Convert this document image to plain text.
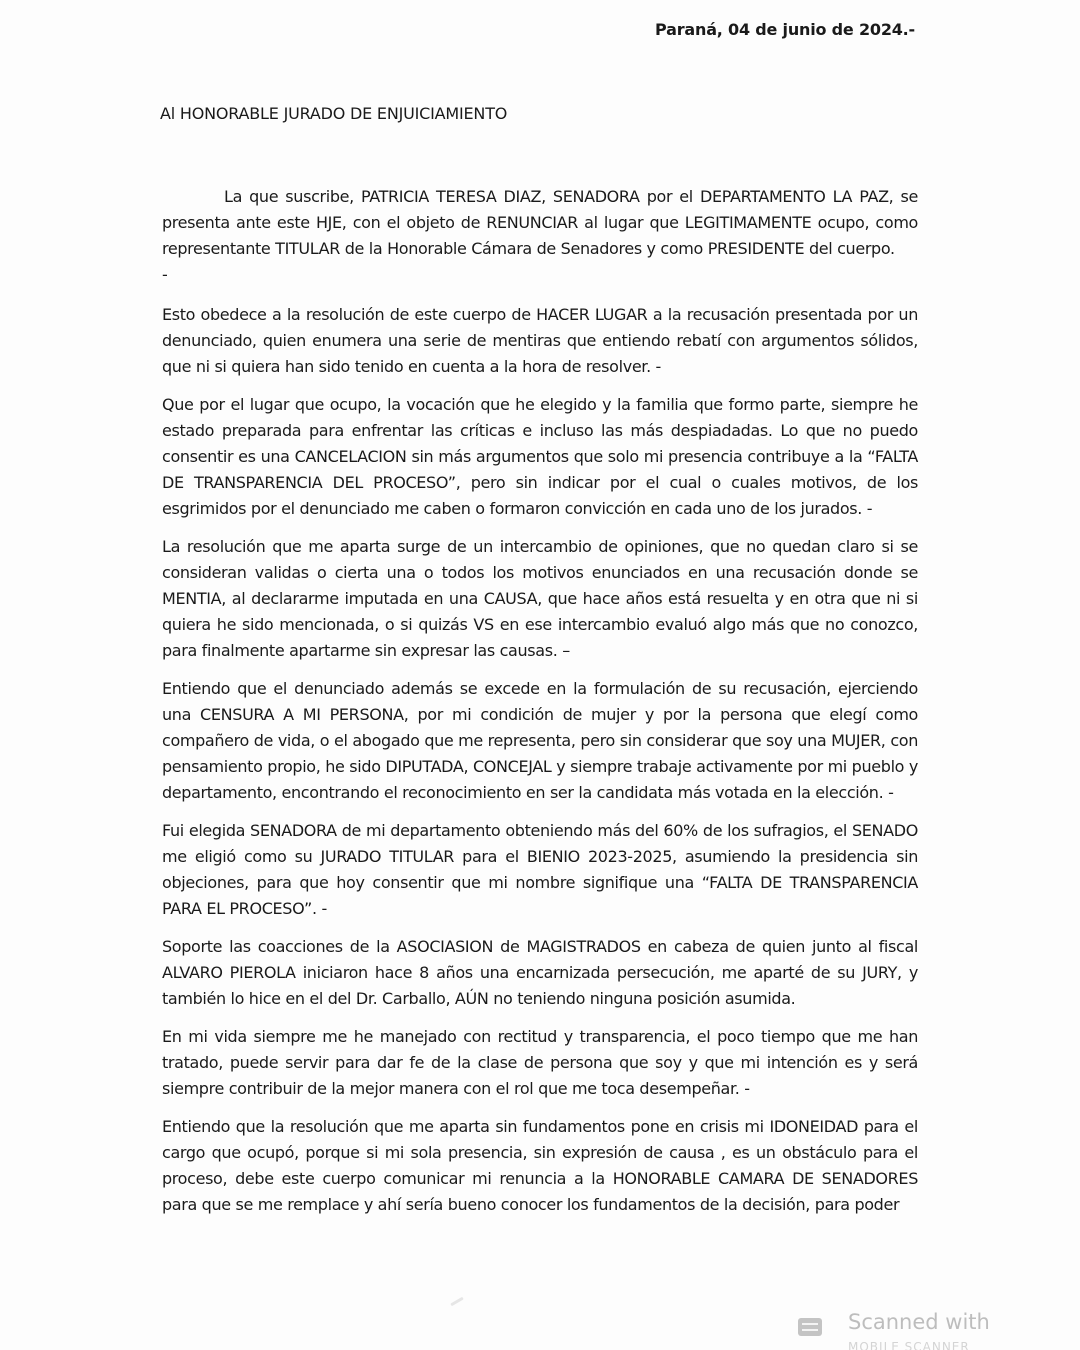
Paraná, 04 de junio de 2024.-
Al HONORABLE JURADO DE ENJUICIAMIENTO

La que suscribe, PATRICIA TERESA DIAZ, SENADORA por el DEPARTAMENTO LA PAZ, se presenta ante este HJE, con el objeto de RENUNCIAR al lugar que LEGITIMAMENTE ocupo, como representante TITULAR de la Honorable Cámara de Senadores y como PRESIDENTE del cuerpo.

-

Esto obedece a la resolución de este cuerpo de HACER LUGAR a la recusación presentada por un denunciado, quien enumera una serie de mentiras que entiendo rebatí con argumentos sólidos, que ni si quiera han sido tenido en cuenta a la hora de resolver. -

Que por el lugar que ocupo, la vocación que he elegido y la familia que formo parte, siempre he estado preparada para enfrentar las críticas e incluso las más despiadadas. Lo que no puedo consentir es una CANCELACION sin más argumentos que solo mi presencia contribuye a la “FALTA DE TRANSPARENCIA DEL PROCESO”, pero sin indicar por el cual o cuales motivos, de los esgrimidos por el denunciado me caben o formaron convicción en cada uno de los jurados. -

La resolución que me aparta surge de un intercambio de opiniones, que no quedan claro si se consideran validas o cierta una o todos los motivos enunciados en una recusación donde se MENTIA, al declararme imputada en una CAUSA, que hace años está resuelta y en otra que ni si quiera he sido mencionada, o si quizás VS en ese intercambio evaluó algo más que no conozco, para finalmente apartarme sin expresar las causas. –

Entiendo que el denunciado además se excede en la formulación de su recusación, ejerciendo una CENSURA A MI PERSONA, por mi condición de mujer y por la persona que elegí como compañero de vida, o el abogado que me representa, pero sin considerar que soy una MUJER, con pensamiento propio, he sido DIPUTADA, CONCEJAL y siempre trabaje activamente por mi pueblo y departamento, encontrando el reconocimiento en ser la candidata más votada en la elección. -

Fui elegida SENADORA de mi departamento obteniendo más del 60% de los sufragios, el SENADO me eligió como su JURADO TITULAR para el BIENIO 2023-2025, asumiendo la presidencia sin objeciones, para que hoy consentir que mi nombre signifique una “FALTA DE TRANSPARENCIA PARA EL PROCESO”. -

Soporte las coacciones de la ASOCIASION de MAGISTRADOS en cabeza de quien junto al fiscal ALVARO PIEROLA iniciaron hace 8 años una encarnizada persecución, me aparté de su JURY, y también lo hice en el del Dr. Carballo, AÚN no teniendo ninguna posición asumida.

En mi vida siempre me he manejado con rectitud y transparencia, el poco tiempo que me han tratado, puede servir para dar fe de la clase de persona que soy y que mi intención es y será siempre contribuir de la mejor manera con el rol que me toca desempeñar. -

Entiendo que la resolución que me aparta sin fundamentos pone en crisis mi IDONEIDAD para el cargo que ocupó, porque si mi sola presencia, sin expresión de causa , es un obstáculo para el proceso, debe este cuerpo comunicar mi renuncia a la HONORABLE CAMARA DE SENADORES para que se me remplace y ahí sería bueno conocer los fundamentos de la decisión, para poder

Scanned with
MOBILE SCANNER
